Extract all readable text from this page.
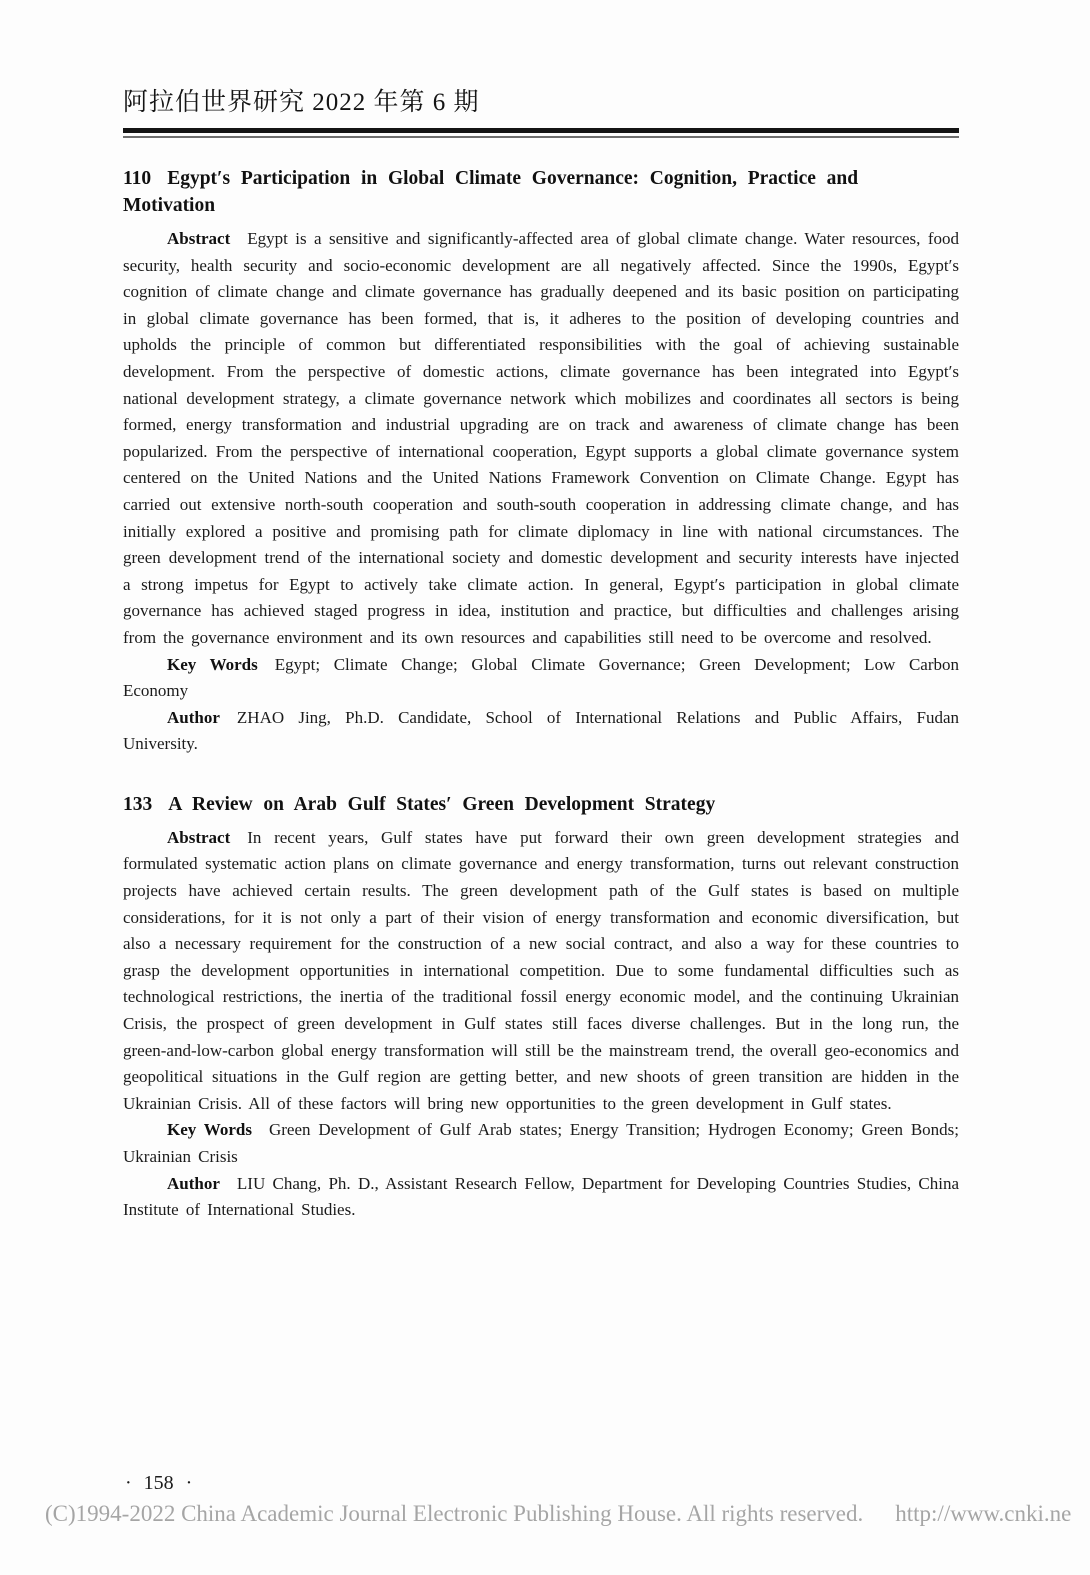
阿拉伯世界研究 2022 年第 6 期
110 Egypt′s Participation in Global Climate Governance: Cognition, Practice and Motivation

Abstract Egypt is a sensitive and significantly-affected area of global climate change. Water resources, food security, health security and socio-economic development are all negatively affected. Since the 1990s, Egypt′s cognition of climate change and climate governance has gradually deepened and its basic position on participating in global climate governance has been formed, that is, it adheres to the position of developing countries and upholds the principle of common but differentiated responsibilities with the goal of achieving sustainable development. From the perspective of domestic actions, climate governance has been integrated into Egypt′s national development strategy, a climate governance network which mobilizes and coordinates all sectors is being formed, energy transformation and industrial upgrading are on track and awareness of climate change has been popularized. From the perspective of international cooperation, Egypt supports a global climate governance system centered on the United Nations and the United Nations Framework Convention on Climate Change. Egypt has carried out extensive north-south cooperation and south-south cooperation in addressing climate change, and has initially explored a positive and promising path for climate diplomacy in line with national circumstances. The green development trend of the international society and domestic development and security interests have injected a strong impetus for Egypt to actively take climate action. In general, Egypt′s participation in global climate governance has achieved staged progress in idea, institution and practice, but difficulties and challenges arising from the governance environment and its own resources and capabilities still need to be overcome and resolved.

Key Words Egypt; Climate Change; Global Climate Governance; Green Development; Low Carbon Economy

Author ZHAO Jing, Ph.D. Candidate, School of International Relations and Public Affairs, Fudan University.

133 A Review on Arab Gulf States′ Green Development Strategy

Abstract In recent years, Gulf states have put forward their own green development strategies and formulated systematic action plans on climate governance and energy transformation, turns out relevant construction projects have achieved certain results. The green development path of the Gulf states is based on multiple considerations, for it is not only a part of their vision of energy transformation and economic diversification, but also a necessary requirement for the construction of a new social contract, and also a way for these countries to grasp the development opportunities in international competition. Due to some fundamental difficulties such as technological restrictions, the inertia of the traditional fossil energy economic model, and the continuing Ukrainian Crisis, the prospect of green development in Gulf states still faces diverse challenges. But in the long run, the green-and-low-carbon global energy transformation will still be the mainstream trend, the overall geo-economics and geopolitical situations in the Gulf region are getting better, and new shoots of green transition are hidden in the Ukrainian Crisis. All of these factors will bring new opportunities to the green development in Gulf states.

Key Words Green Development of Gulf Arab states; Energy Transition; Hydrogen Economy; Green Bonds; Ukrainian Crisis

Author LIU Chang, Ph. D., Assistant Research Fellow, Department for Developing Countries Studies, China Institute of International Studies.

· 158 ·
(C)1994-2022 China Academic Journal Electronic Publishing House. All rights reserved. http://www.cnki.ne
